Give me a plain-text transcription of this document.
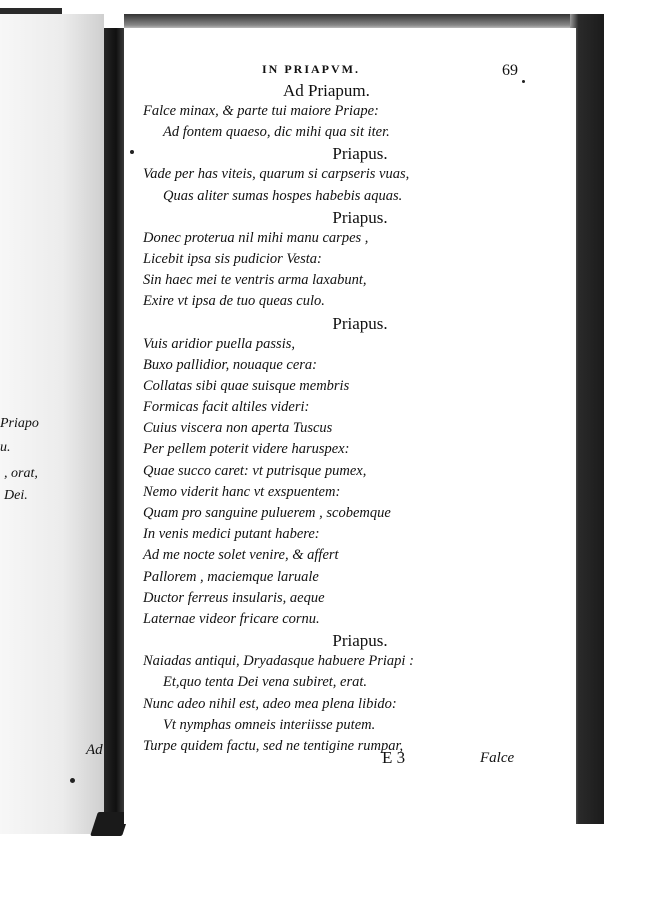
Priapo
u.
, orat,
Dei.
Ad
IN PRIAPVM.	69
Ad Priapum.
Falce minax, & parte tui maiore Priape:
Ad fontem quaeso, dic mihi qua sit iter.
Priapus.
Vade per has viteis, quarum si carpseris vuas,
Quas aliter sumas hospes habebis aquas.
Priapus.
Donec proterua nil mihi manu carpes ,
Licebit ipsa sis pudicior Vesta:
Sin haec mei te ventris arma laxabunt,
Exire vt ipsa de tuo queas culo.
Priapus.
Vuis aridior puella passis,
Buxo pallidior, nouaque cera:
Collatas sibi quae suisque membris
Formicas facit altiles videri:
Cuius viscera non aperta Tuscus
Per pellem poterit videre haruspex:
Quae succo caret: vt putrisque pumex,
Nemo viderit hanc vt exspuentem:
Quam pro sanguine puluerem , scobemque
In venis medici putant habere:
Ad me nocte solet venire, & affert
Pallorem , maciemque laruale
Ductor ferreus insularis, aeque
Laternae videor fricare cornu.
Priapus.
Naiadas antiqui, Dryadasque habuere Priapi :
Et,quo tenta Dei vena subiret, erat.
Nunc adeo nihil est, adeo mea plena libido:
Vt nymphas omneis interiisse putem.
Turpe quidem factu, sed ne tentigine rumpar,
E 3	Falce
